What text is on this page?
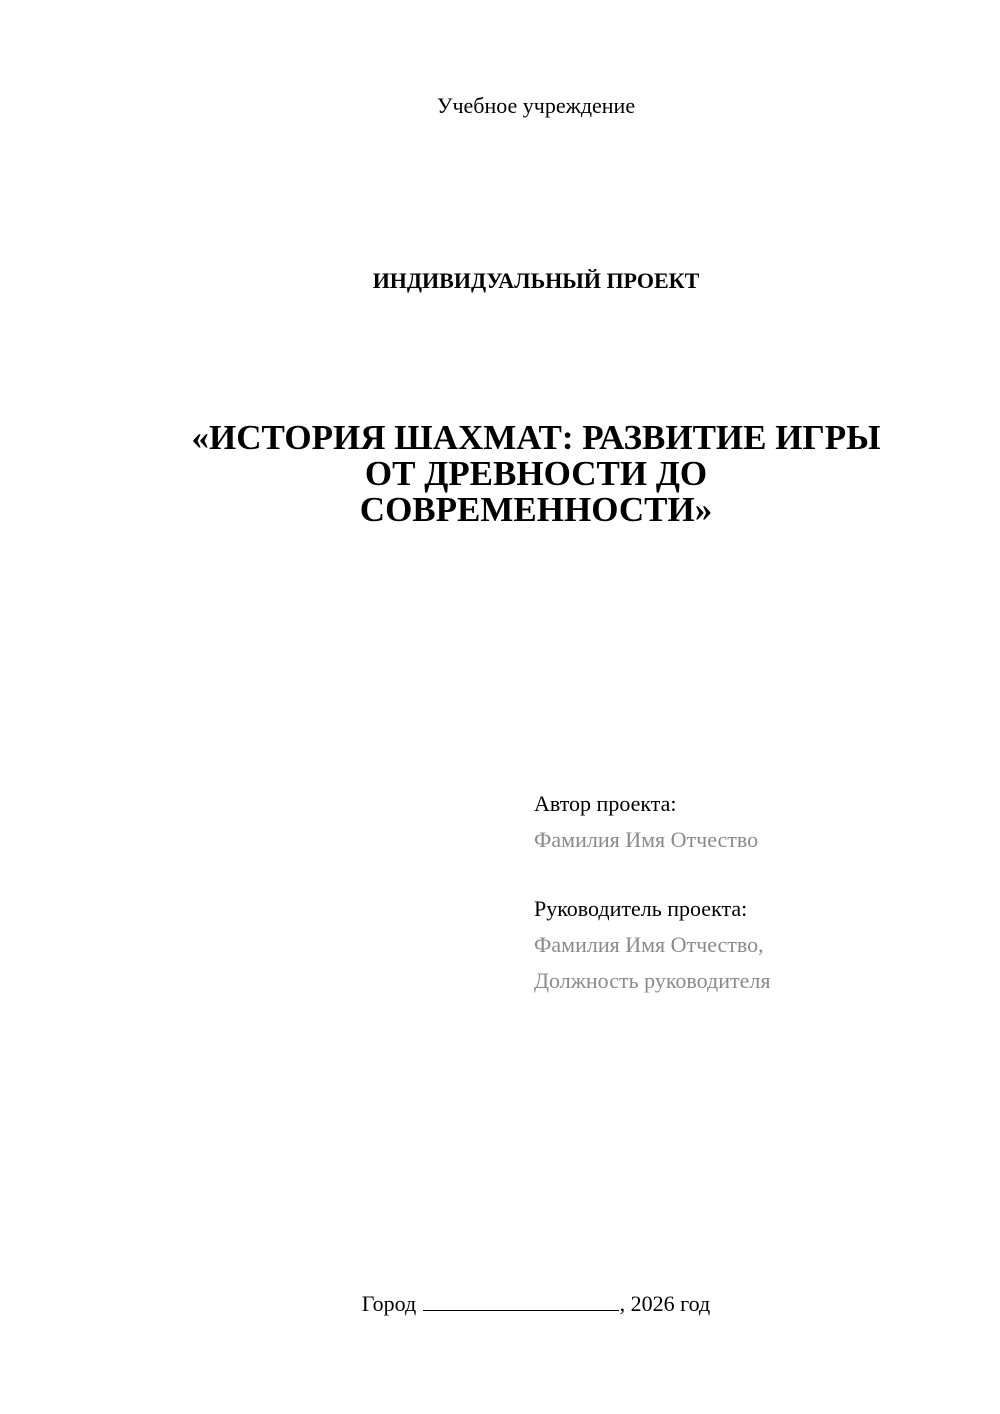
Учебное учреждение
ИНДИВИДУАЛЬНЫЙ ПРОЕКТ
«ИСТОРИЯ ШАХМАТ: РАЗВИТИЕ ИГРЫ
ОТ ДРЕВНОСТИ ДО
СОВРЕМЕННОСТИ»
Автор проекта:
Фамилия Имя Отчество
Руководитель проекта:
Фамилия Имя Отчество,
Должность руководителя
Город	, 2026 год
